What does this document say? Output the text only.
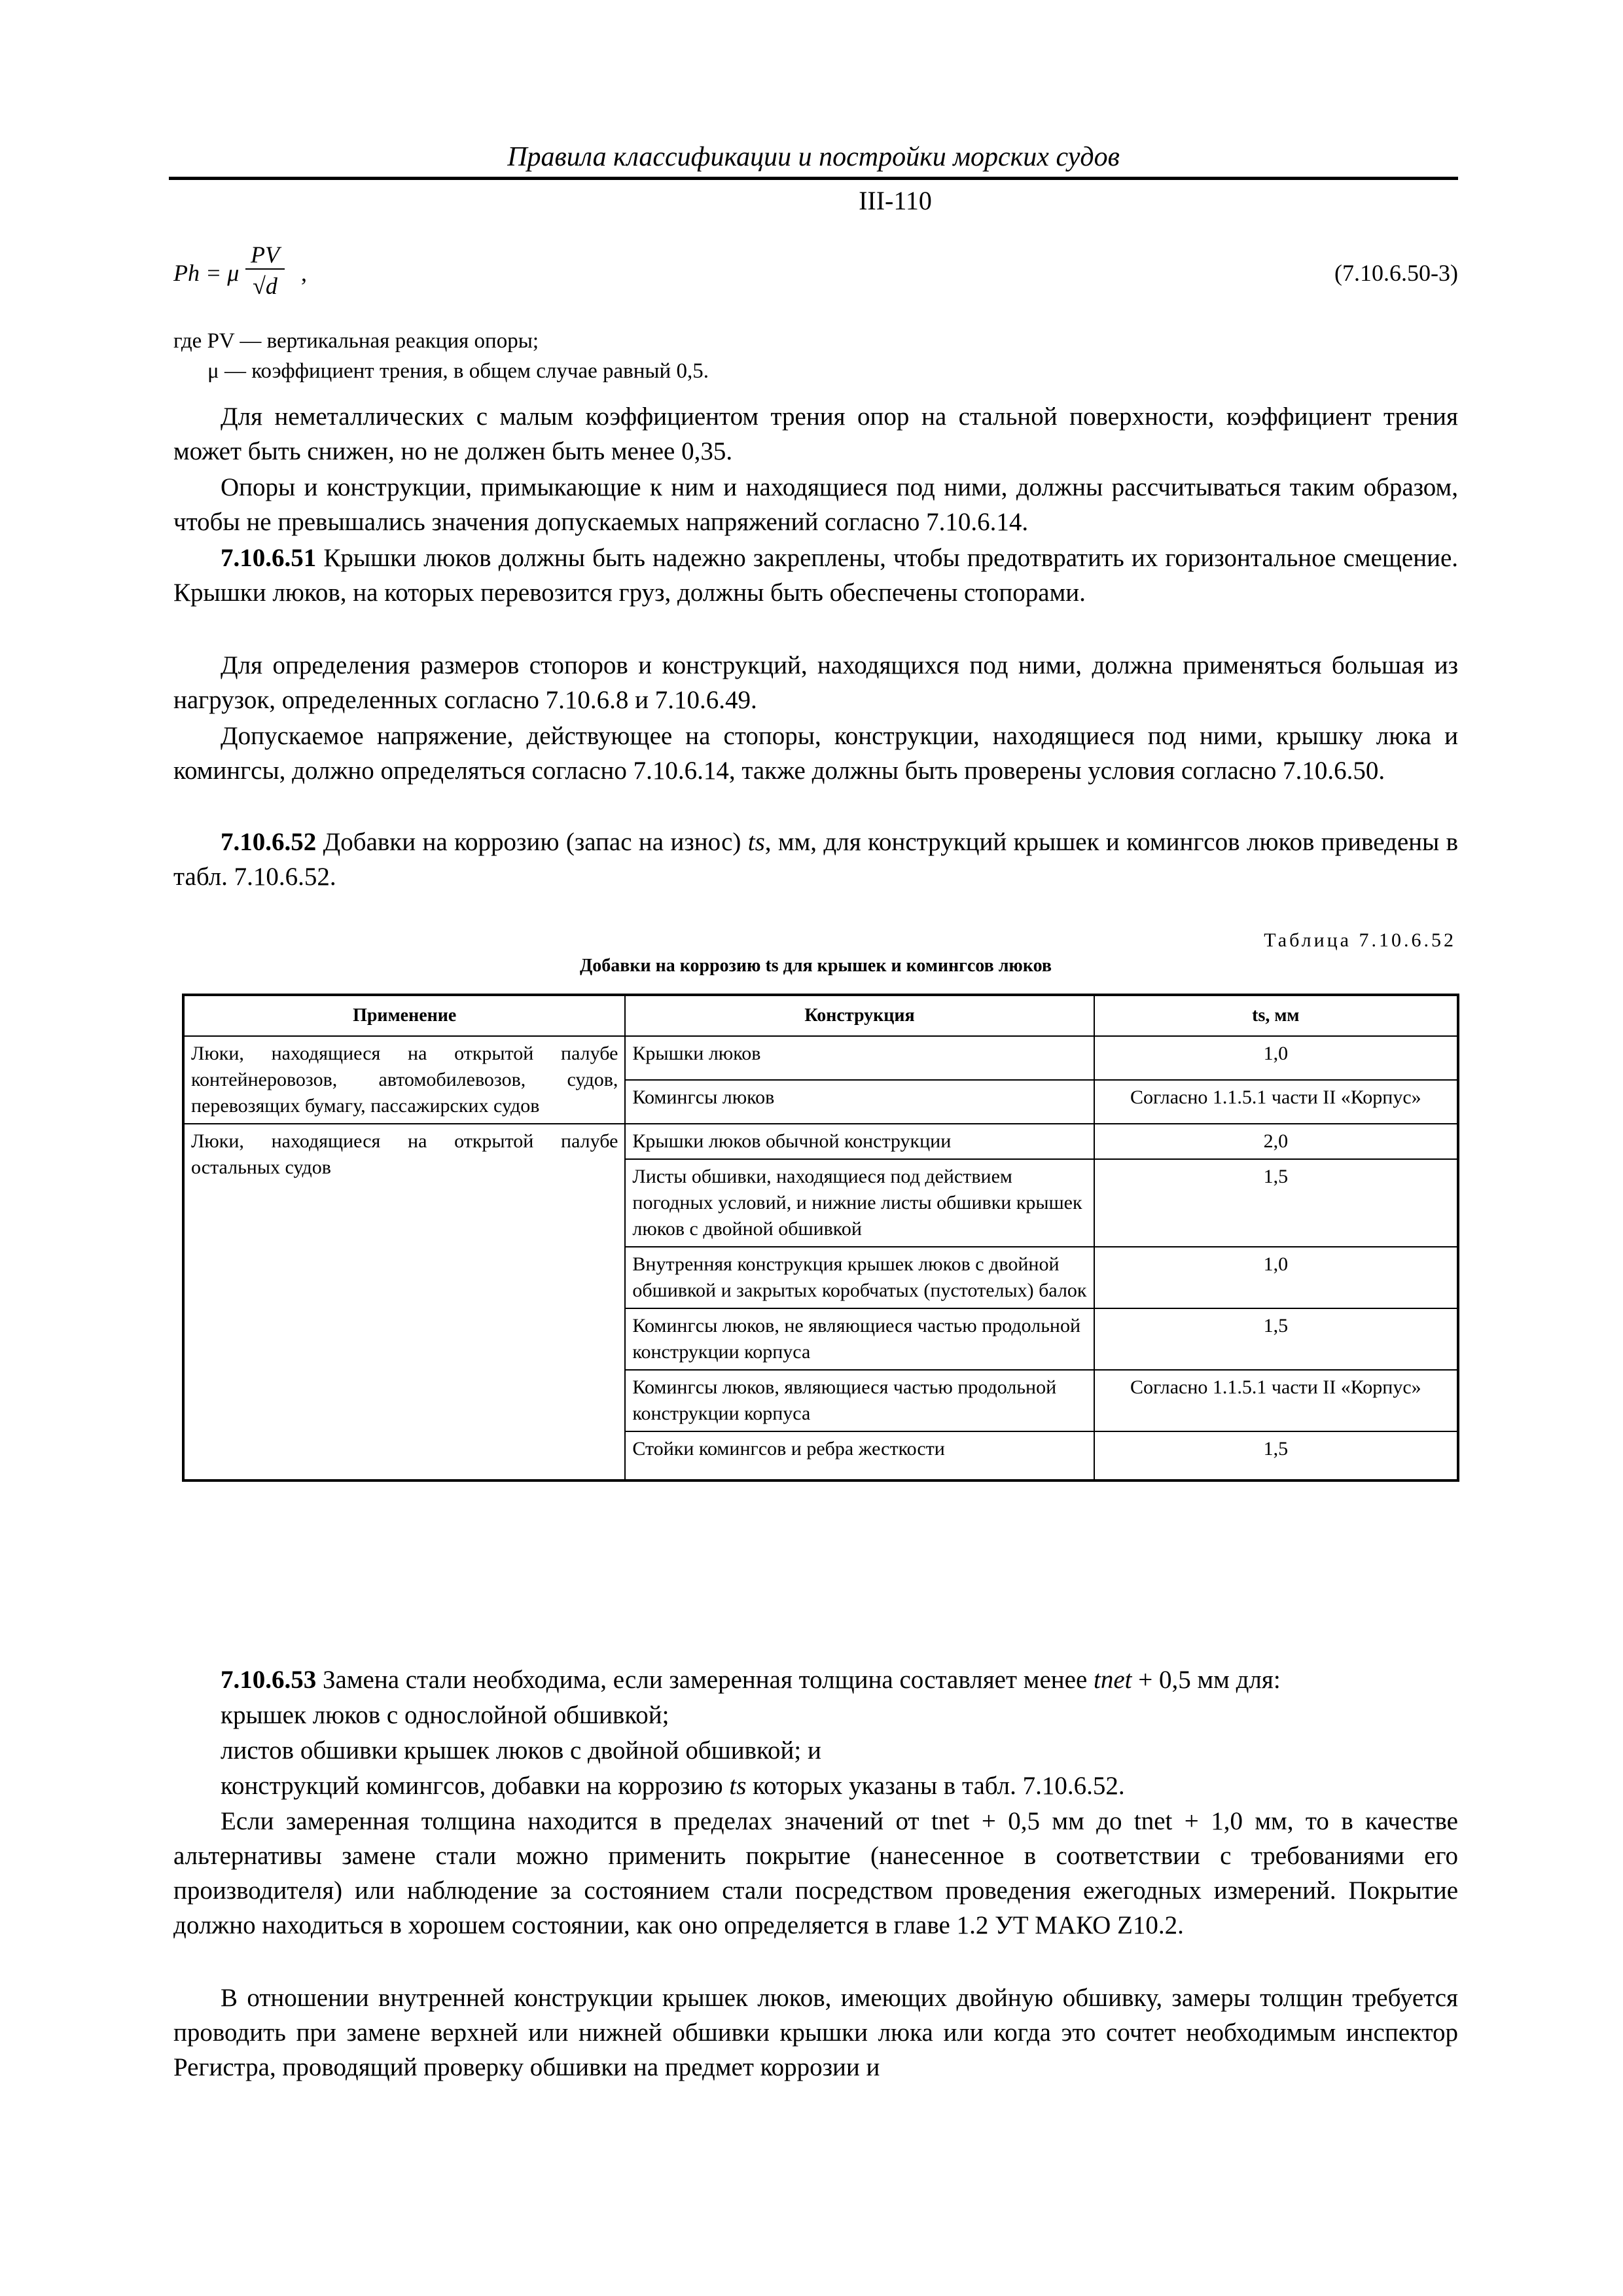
Правила классификации и постройки морских судов
III-110
Ph = μ $\frac{PV}{√d}$ ,	(7.10.6.50-3)
где PV — вертикальная реакция опоры;
μ — коэффициент трения, в общем случае равный 0,5.
Для неметаллических с малым коэффициентом трения опор на стальной поверхности, коэффициент трения может быть снижен, но не должен быть менее 0,35.
Опоры и конструкции, примыкающие к ним и находящиеся под ними, должны рассчитываться таким образом, чтобы не превышались значения допускаемых напряжений согласно 7.10.6.14.
7.10.6.51 Крышки люков должны быть надежно закреплены, чтобы предотвратить их горизонтальное смещение. Крышки люков, на которых перевозится груз, должны быть обеспечены стопорами.
Для определения размеров стопоров и конструкций, находящихся под ними, должна применяться большая из нагрузок, определенных согласно 7.10.6.8 и 7.10.6.49.
Допускаемое напряжение, действующее на стопоры, конструкции, находящиеся под ними, крышку люка и комингсы, должно определяться согласно 7.10.6.14, также должны быть проверены условия согласно 7.10.6.50.
7.10.6.52 Добавки на коррозию (запас на износ) ts, мм, для конструкций крышек и комингсов люков приведены в табл. 7.10.6.52.
Таблица 7.10.6.52
Добавки на коррозию ts для крышек и комингсов люков
Применение	Конструкция	ts, мм
Люки, находящиеся на открытой палубе контейнеровозов, автомобилевозов, судов, перевозящих бумагу, пассажирских судов	Крышки люков	1,0
	Комингсы люков	Согласно 1.1.5.1 части II «Корпус»
Люки, находящиеся на открытой палубе остальных судов	Крышки люков обычной конструкции	2,0
	Листы обшивки, находящиеся под действием погодных условий, и нижние листы обшивки крышек люков с двойной обшивкой	1,5
	Внутренняя конструкция крышек люков с двойной обшивкой и закрытых коробчатых (пустотелых) балок	1,0
	Комингсы люков, не являющиеся частью продольной конструкции корпуса	1,5
	Комингсы люков, являющиеся частью продольной конструкции корпуса	Согласно 1.1.5.1 части II «Корпус»
	Стойки комингсов и ребра жесткости	1,5
7.10.6.53 Замена стали необходима, если замеренная толщина составляет менее tnet + 0,5 мм для:
крышек люков с однослойной обшивкой;
листов обшивки крышек люков с двойной обшивкой; и
конструкций комингсов, добавки на коррозию ts которых указаны в табл. 7.10.6.52.
Если замеренная толщина находится в пределах значений от tnet + 0,5 мм до tnet + 1,0 мм, то в качестве альтернативы замене стали можно применить покрытие (нанесенное в соответствии с требованиями его производителя) или наблюдение за состоянием стали посредством проведения ежегодных измерений. Покрытие должно находиться в хорошем состоянии, как оно определяется в главе 1.2 УТ МАКО Z10.2.
В отношении внутренней конструкции крышек люков, имеющих двойную обшивку, замеры толщин требуется проводить при замене верхней или нижней обшивки крышки люка или когда это сочтет необходимым инспектор Регистра, проводящий проверку обшивки на предмет коррозии и
